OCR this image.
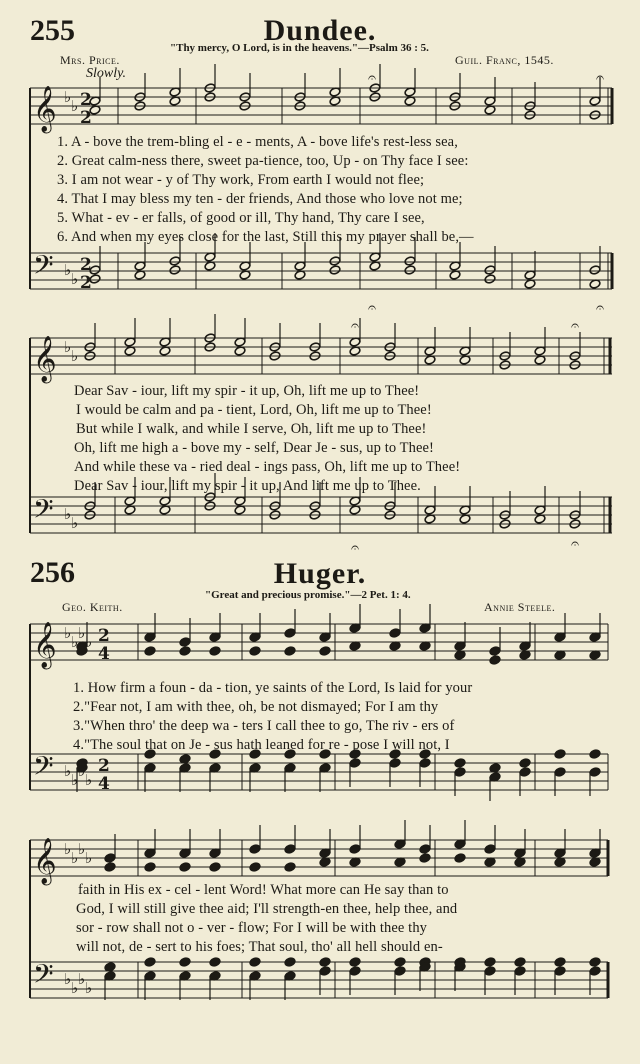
255	Dundee.
"Thy mercy, O Lord, is in the heavens."—Psalm 36 : 5.
Mrs. Price.	Guil. Franc, 1545.
Slowly.
256	Huger.
"Great and precious promise."—2 Pet. 1: 4.
Geo. Keith.	Annie Steele.
𝄞
𝄢
♭
♭
♭
♭
2
2
2
2
𝄞
𝄢
♭
♭
♭
♭
𝄞
𝄢
♭
♭
♭
♭
♭
♭
♭
♭
2
4
2
4
𝄞
𝄢
♭
♭
♭
♭
♭
♭
♭
♭
𝄐	𝄐
𝄐	𝄐
𝄐	𝄐
𝄐	𝄐
1. A - bove the trem-bling el - e - ments, A - bove life's rest-less sea,
2. Great calm-ness there, sweet pa-tience, too, Up - on Thy face I see:
3. I am not wear - y of Thy work, From earth I would not flee;
4. That I may bless my ten - der friends, And those who love not me;
5. What - ev - er falls, of good or ill, Thy hand, Thy care I see,
6. And when my eyes close for the last, Still this my prayer shall be,—
Dear Sav - iour, lift my spir - it up, Oh, lift me up to Thee!
I would be calm and pa - tient, Lord, Oh, lift me up to Thee!
But while I walk, and while I serve, Oh, lift me up to Thee!
Oh, lift me high a - bove my - self, Dear Je - sus, up to Thee!
And while these va - ried deal - ings pass, Oh, lift me up to Thee!
Dear Sav - iour, lift my spir - it up, And lift me up to Thee.
1. How firm a foun - da - tion, ye saints of the Lord, Is laid for your
2."Fear not, I am with thee, oh, be not dismayed; For I am thy
3."When thro' the deep wa - ters I call thee to go, The riv - ers of
4."The soul that on Je - sus hath leaned for re - pose I will not, I
faith in His ex - cel - lent Word! What more can He say than to
God, I will still give thee aid; I'll strength-en thee, help thee, and
sor - row shall not o - ver - flow; For I will be with thee thy
will not, de - sert to his foes; That soul, tho' all hell should en-
